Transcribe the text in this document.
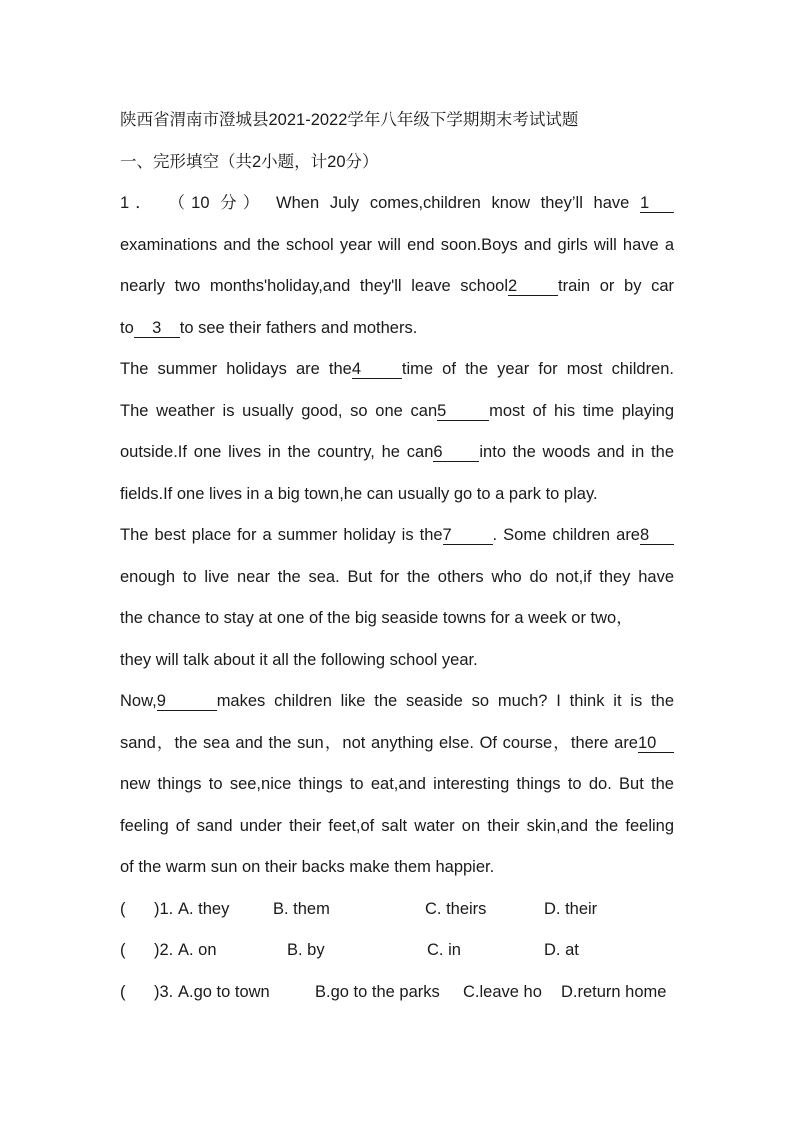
陕西省渭南市澄城县2021-2022学年八年级下学期期末考试试题
一、完形填空（共2小题，计20分）
1． （10 分） When July comes,children know they’ll have 1
examinations and the school year will end soon.Boys and girls will have a
nearly two months'holiday,and they'll leave school2 train or by car
to 3 to see their fathers and mothers.
The summer holidays are the4 time of the year for most children.
The weather is usually good, so one can5	most of his time playing
outside.If one lives in the country, he can6 into the woods and in the
fields.If one lives in a big town,he can usually go to a park to play.
The best place for a summer holiday is the7 . Some children are8
enough to live near the sea. But for the others who do not,if they have
the chance to stay at one of the big seaside towns for a week or two，
they will talk about it all the following school year.
Now,9	makes children like the seaside so much? I think it is the
sand，the sea and the sun，not anything else. Of course，there are10
new things to see,nice things to eat,and interesting things to do. But the
feeling of sand under their feet,of salt water on their skin,and the feeling
of the warm sun on their backs make them happier.
( )1. A. they	B. them	C. theirs	D. their
( )2. A. on	B. by	C. in	D. at
( )3. A.go to town	B.go to the parks C.leave ho D.return home
